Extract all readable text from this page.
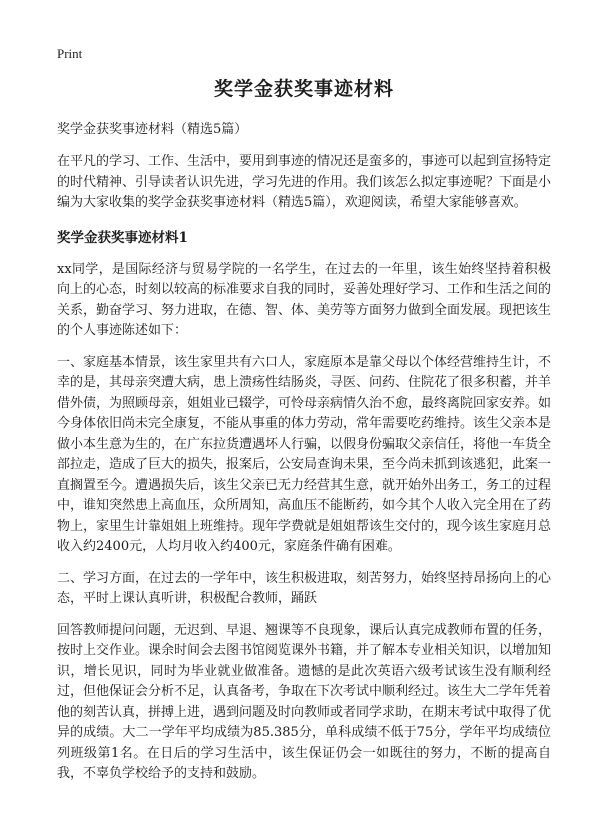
Print
奖学金获奖事迹材料
奖学金获奖事迹材料（精选5篇）

在平凡的学习、工作、生活中，要用到事迹的情况还是蛮多的，事迹可以起到宣扬特定的时代精神、引导读者认识先进，学习先进的作用。我们该怎么拟定事迹呢？下面是小编为大家收集的奖学金获奖事迹材料（精选5篇），欢迎阅读，希望大家能够喜欢。

奖学金获奖事迹材料1

xx同学，是国际经济与贸易学院的一名学生，在过去的一年里，该生始终坚持着积极向上的心态，时刻以较高的标准要求自我的同时，妥善处理好学习、工作和生活之间的关系，勤奋学习、努力进取，在德、智、体、美劳等方面努力做到全面发展。现把该生的个人事迹陈述如下：

一、家庭基本情景，该生家里共有六口人，家庭原本是靠父母以个体经营维持生计，不幸的是，其母亲突遭大病，患上溃疡性结肠炎，寻医、问药、住院花了很多积蓄，并羊借外债，为照顾母亲，姐姐业已辍学，可怜母亲病情久治不愈，最终离院回家安养。如今身体依旧尚未完全康复，不能从事重的体力劳动，常年需要吃药维持。该生父亲本是做小本生意为生的，在广东拉货遭遇坏人行骗，以假身份骗取父亲信任，将他一车货全部拉走，造成了巨大的损失，报案后，公安局查询未果，至今尚未抓到该逃犯，此案一直搁置至今。遭遇损失后，该生父亲已无力经营其生意，就开始外出务工，务工的过程中，谁知突然患上高血压，众所周知，高血压不能断药，如今其个人收入完全用在了药物上，家里生计靠姐姐上班维持。现年学费就是姐姐帮该生交付的，现今该生家庭月总收入约2400元，人均月收入约400元，家庭条件确有困难。

二、学习方面，在过去的一学年中，该生积极进取，刻苦努力，始终坚持昂扬向上的心态，平时上课认真听讲，积极配合教师，踊跃

回答教师提问问题，无迟到、早退、翘课等不良现象，课后认真完成教师布置的任务，按时上交作业。课余时间会去图书馆阅览课外书籍，并了解本专业相关知识，以增加知识，增长见识，同时为毕业就业做准备。遗憾的是此次英语六级考试该生没有顺利经过，但他保证会分析不足，认真备考，争取在下次考试中顺利经过。该生大二学年凭着他的刻苦认真，拼搏上进，遇到问题及时向教师或者同学求助，在期末考试中取得了优异的成绩。大二一学年平均成绩为85.385分，单科成绩不低于75分，学年平均成绩位列班级第1名。在日后的学习生活中，该生保证仍会一如既往的努力，不断的提高自我，不辜负学校给予的支持和鼓励。
